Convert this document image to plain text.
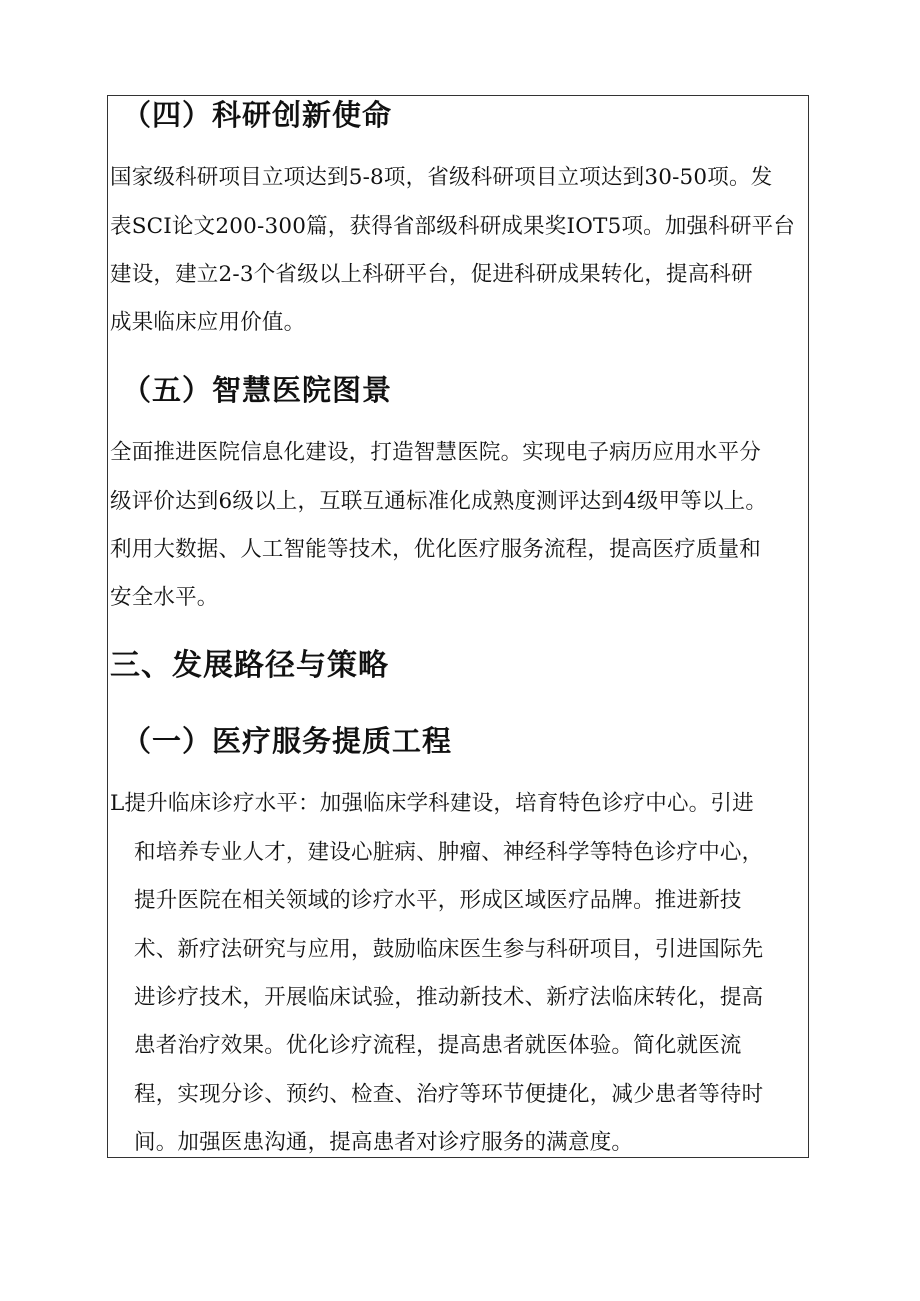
（四）科研创新使命

国家级科研项目立项达到5-8项，省级科研项目立项达到30-50项。发

表SCI论文200-300篇，获得省部级科研成果奖IOT5项。加强科研平台

建设，建立2-3个省级以上科研平台，促进科研成果转化，提高科研

成果临床应用价值。

（五）智慧医院图景

全面推进医院信息化建设，打造智慧医院。实现电子病历应用水平分

级评价达到6级以上，互联互通标准化成熟度测评达到4级甲等以上。

利用大数据、人工智能等技术，优化医疗服务流程，提高医疗质量和

安全水平。

三、发展路径与策略
（一）医疗服务提质工程

L提升临床诊疗水平：加强临床学科建设，培育特色诊疗中心。引进

和培养专业人才，建设心脏病、肿瘤、神经科学等特色诊疗中心，

提升医院在相关领域的诊疗水平，形成区域医疗品牌。推进新技

术、新疗法研究与应用，鼓励临床医生参与科研项目，引进国际先

进诊疗技术，开展临床试验，推动新技术、新疗法临床转化，提高

患者治疗效果。优化诊疗流程，提高患者就医体验。简化就医流

程，实现分诊、预约、检查、治疗等环节便捷化，减少患者等待时

间。加强医患沟通，提高患者对诊疗服务的满意度。
